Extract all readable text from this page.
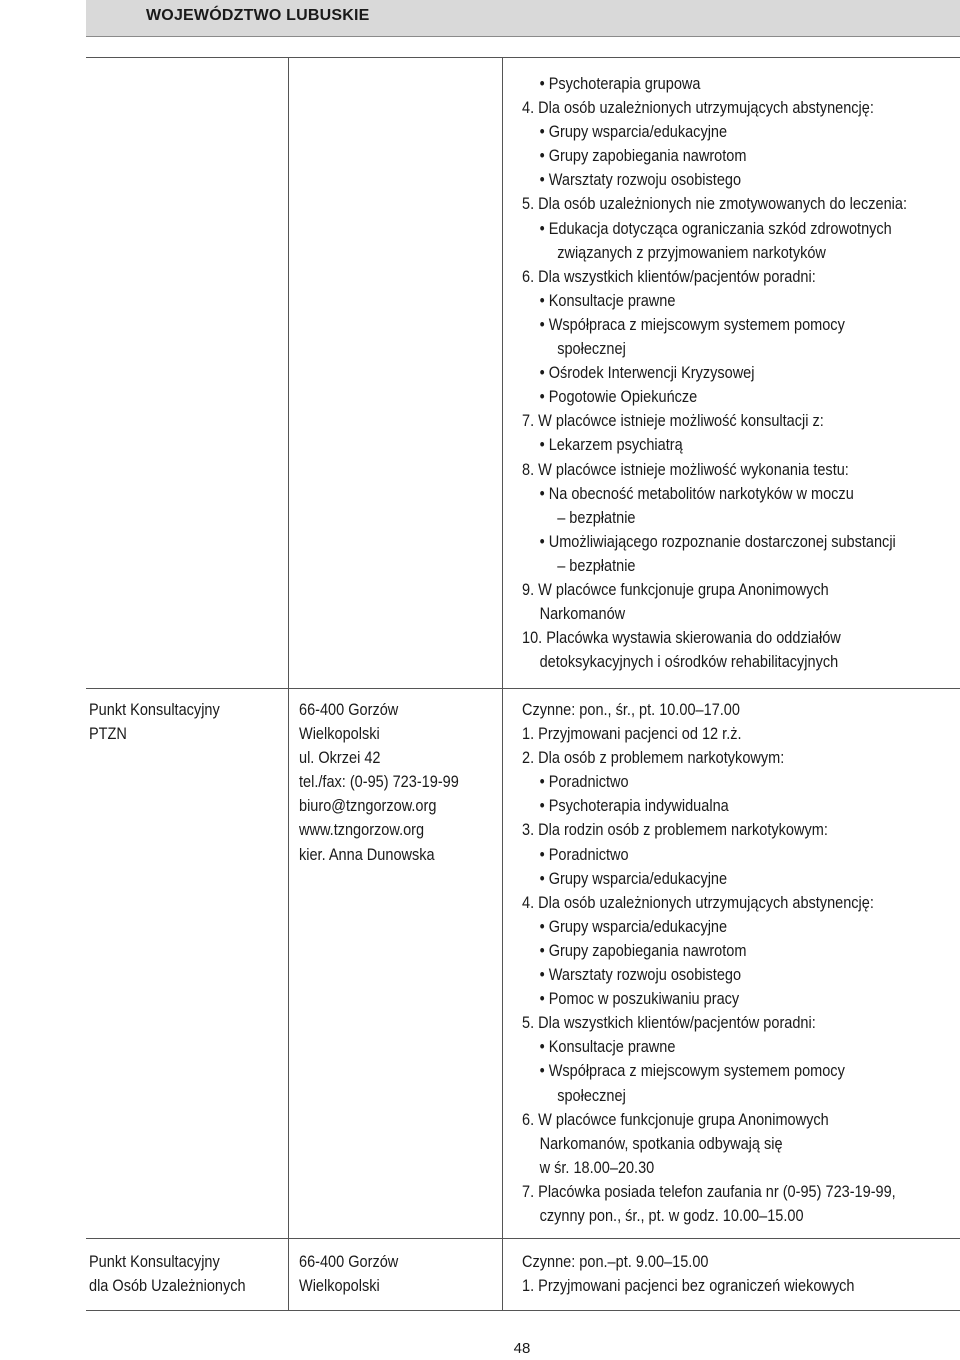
WOJEWÓDZTWO LUBUSKIE
• Psychoterapia grupowa
4. Dla osób uzależnionych utrzymujących abstynencję:
• Grupy wsparcia/edukacyjne
• Grupy zapobiegania nawrotom
• Warsztaty rozwoju osobistego
5. Dla osób uzależnionych nie zmotywowanych do leczenia:
• Edukacja dotycząca ograniczania szkód zdrowotnych
związanych z przyjmowaniem narkotyków
6. Dla wszystkich klientów/pacjentów poradni:
• Konsultacje prawne
• Współpraca z miejscowym systemem pomocy
społecznej
• Ośrodek Interwencji Kryzysowej
• Pogotowie Opiekuńcze
7. W placówce istnieje możliwość konsultacji z:
• Lekarzem psychiatrą
8. W placówce istnieje możliwość wykonania testu:
• Na obecność metabolitów narkotyków w moczu
– bezpłatnie
• Umożliwiającego rozpoznanie dostarczonej substancji
– bezpłatnie
9. W placówce funkcjonuje grupa Anonimowych
Narkomanów
10. Placówka wystawia skierowania do oddziałów
detoksykacyjnych i ośrodków rehabilitacyjnych
Punkt Konsultacyjny
PTZN
66-400 Gorzów
Wielkopolski
ul. Okrzei 42
tel./fax: (0-95) 723-19-99
biuro@tzngorzow.org
www.tzngorzow.org
kier. Anna Dunowska
Czynne: pon., śr., pt. 10.00–17.00
1. Przyjmowani pacjenci od 12 r.ż.
2. Dla osób z problemem narkotykowym:
• Poradnictwo
• Psychoterapia indywidualna
3. Dla rodzin osób z problemem narkotykowym:
• Poradnictwo
• Grupy wsparcia/edukacyjne
4. Dla osób uzależnionych utrzymujących abstynencję:
• Grupy wsparcia/edukacyjne
• Grupy zapobiegania nawrotom
• Warsztaty rozwoju osobistego
• Pomoc w poszukiwaniu pracy
5. Dla wszystkich klientów/pacjentów poradni:
• Konsultacje prawne
• Współpraca z miejscowym systemem pomocy
społecznej
6. W placówce funkcjonuje grupa Anonimowych
Narkomanów, spotkania odbywają się
w śr. 18.00–20.30
7. Placówka posiada telefon zaufania nr (0-95) 723-19-99,
czynny pon., śr., pt. w godz. 10.00–15.00
Punkt Konsultacyjny
dla Osób Uzależnionych
66-400 Gorzów
Wielkopolski
Czynne: pon.–pt. 9.00–15.00
1. Przyjmowani pacjenci bez ograniczeń wiekowych
48
